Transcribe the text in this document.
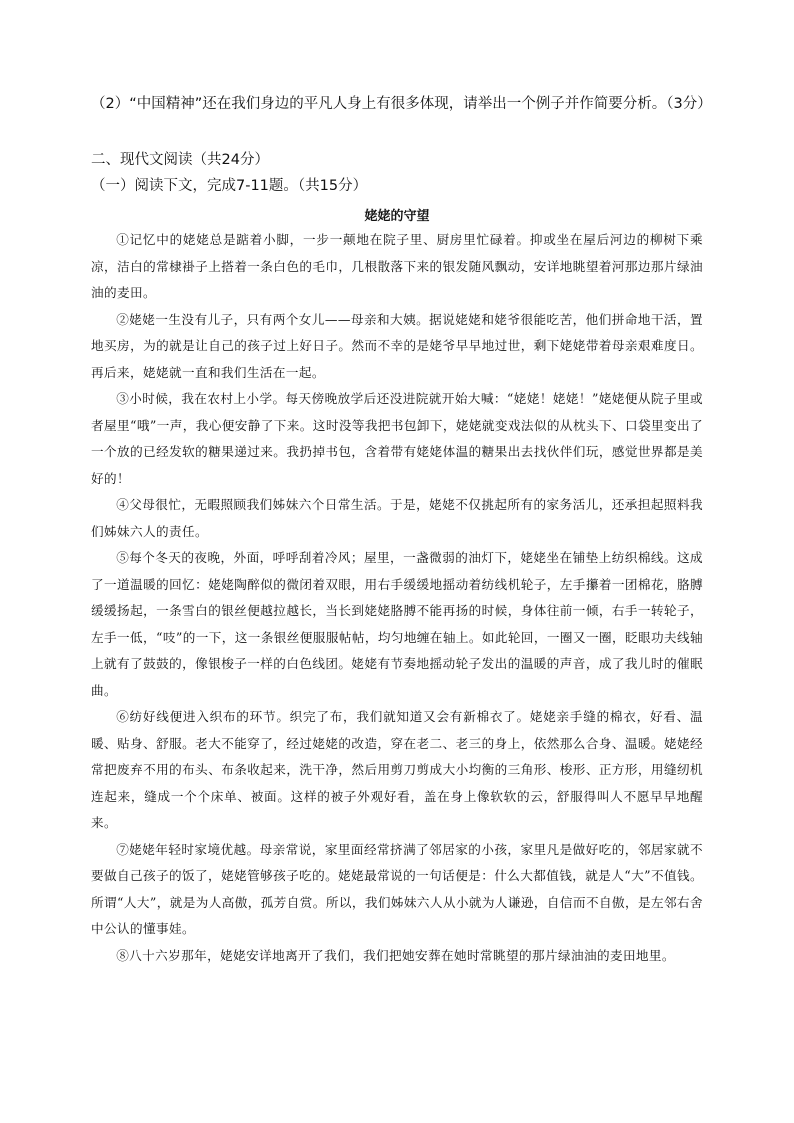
（2）“中国精神”还在我们身边的平凡人身上有很多体现，请举出一个例子并作简要分析。（3分）
二、现代文阅读（共24分）
（一）阅读下文，完成7-11题。（共15分）
姥姥的守望

①记忆中的姥姥总是踮着小脚，一步一颠地在院子里、厨房里忙碌着。抑或坐在屋后河边的柳树下乘凉，洁白的常棣褂子上搭着一条白色的毛巾，几根散落下来的银发随风飘动，安详地眺望着河那边那片绿油油的麦田。

②姥姥一生没有儿子，只有两个女儿——母亲和大姨。据说姥姥和姥爷很能吃苦，他们拼命地干活，置地买房，为的就是让自己的孩子过上好日子。然而不幸的是姥爷早早地过世，剩下姥姥带着母亲艰难度日。再后来，姥姥就一直和我们生活在一起。

③小时候，我在农村上小学。每天傍晚放学后还没进院就开始大喊：“姥姥！姥姥！”姥姥便从院子里或者屋里“哦”一声，我心便安静了下来。这时没等我把书包卸下，姥姥就变戏法似的从枕头下、口袋里变出了一个放的已经发软的糖果递过来。我扔掉书包，含着带有姥姥体温的糖果出去找伙伴们玩，感觉世界都是美好的！

④父母很忙，无暇照顾我们姊妹六个日常生活。于是，姥姥不仅挑起所有的家务活儿，还承担起照料我们姊妹六人的责任。

⑤每个冬天的夜晚，外面，呼呼刮着冷风；屋里，一盏微弱的油灯下，姥姥坐在铺垫上纺织棉线。这成了一道温暖的回忆：姥姥陶醉似的微闭着双眼，用右手缓缓地摇动着纺线机轮子，左手攥着一团棉花，胳膊缓缓扬起，一条雪白的银丝便越拉越长，当长到姥姥胳膊不能再扬的时候，身体往前一倾，右手一转轮子，左手一低，“吱”的一下，这一条银丝便服服帖帖，均匀地缠在轴上。如此轮回，一圈又一圈，眨眼功夫线轴上就有了鼓鼓的，像银梭子一样的白色线团。姥姥有节奏地摇动轮子发出的温暖的声音，成了我儿时的催眠曲。

⑥纺好线便进入织布的环节。织完了布，我们就知道又会有新棉衣了。姥姥亲手缝的棉衣，好看、温暖、贴身、舒服。老大不能穿了，经过姥姥的改造，穿在老二、老三的身上，依然那么合身、温暖。姥姥经常把废弃不用的布头、布条收起来，洗干净，然后用剪刀剪成大小均衡的三角形、梭形、正方形，用缝纫机连起来，缝成一个个床单、被面。这样的被子外观好看，盖在身上像软软的云，舒服得叫人不愿早早地醒来。

⑦姥姥年轻时家境优越。母亲常说，家里面经常挤满了邻居家的小孩，家里凡是做好吃的，邻居家就不要做自己孩子的饭了，姥姥管够孩子吃的。姥姥最常说的一句话便是：什么大都值钱，就是人“大”不值钱。所谓“人大”，就是为人高傲，孤芳自赏。所以，我们姊妹六人从小就为人谦逊，自信而不自傲，是左邻右舍中公认的懂事娃。

⑧八十六岁那年，姥姥安详地离开了我们，我们把她安葬在她时常眺望的那片绿油油的麦田地里。
